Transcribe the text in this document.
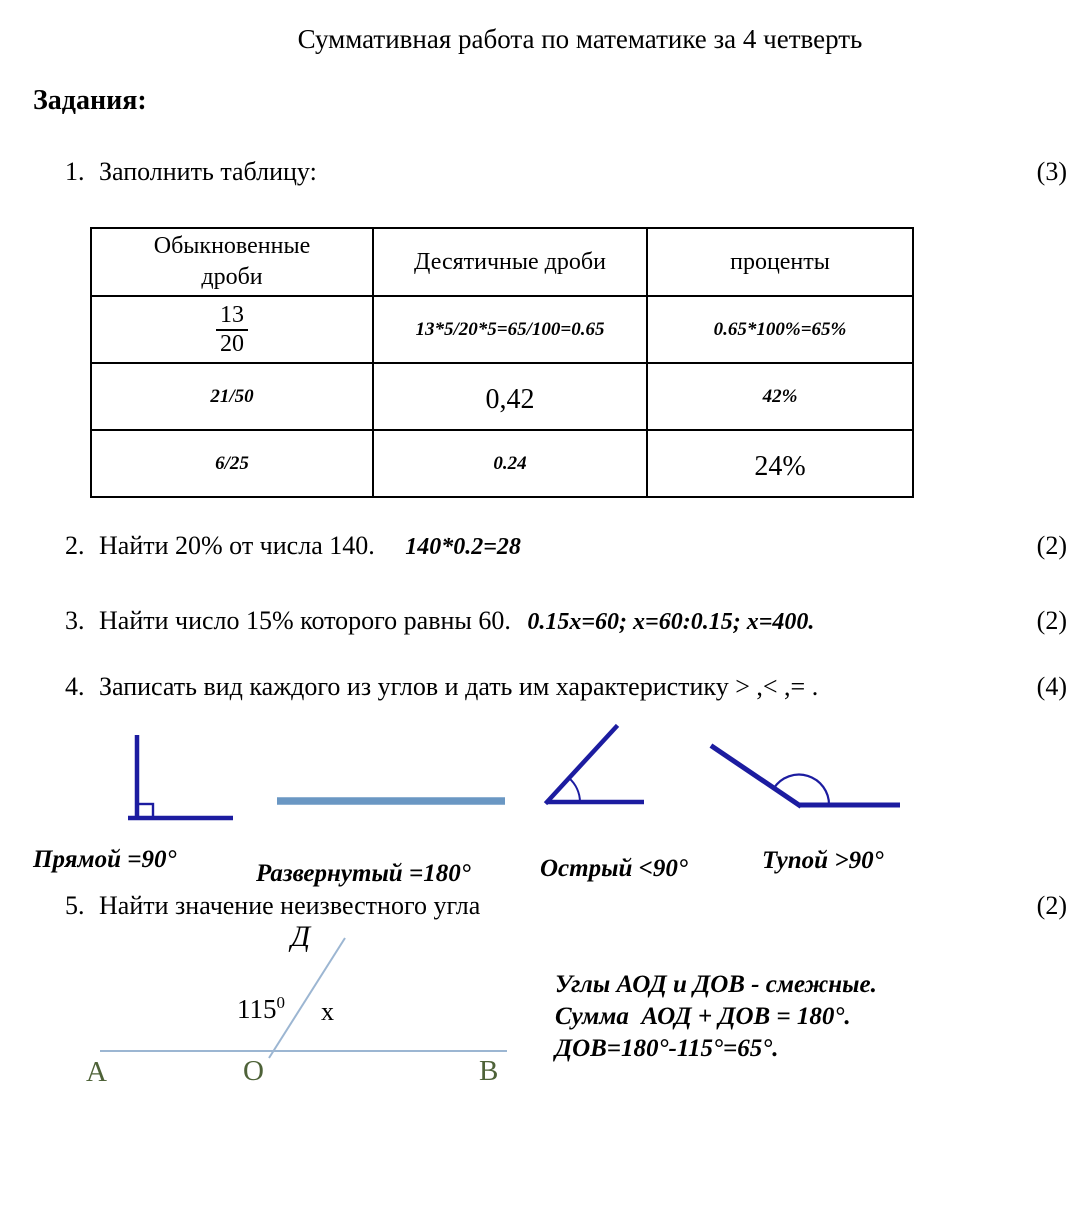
Суммативная работа по математике за 4 четверть
Задания:
1. Заполнить таблицу:	(3)
Обыкновенные дроби	Десятичные дроби	проценты

$\frac{13}{20}$	13*5/20*5=65/100=0.65	0.65*100%=65%
21/50	0,42	42%
6/25	0.24	24%
2. Найти 20% от числа 140. 140*0.2=28	(2)
3. Найти число 15% которого равны 60. 0.15x=60; x=60:0.15; x=400.	(2)
4. Записать вид каждого из углов и дать им характеристику > ,< ,= .	(4)
Прямой =90°
Развернутый =180°	Острый <90°	Тупой >90°
5. Найти значение неизвестного угла	(2)
Д
$115^0$ x
А	О	В
Углы АОД и ДОВ - смежные.
Сумма  АОД + ДОВ = 180°.
ДОВ=180°-115°=65°.
